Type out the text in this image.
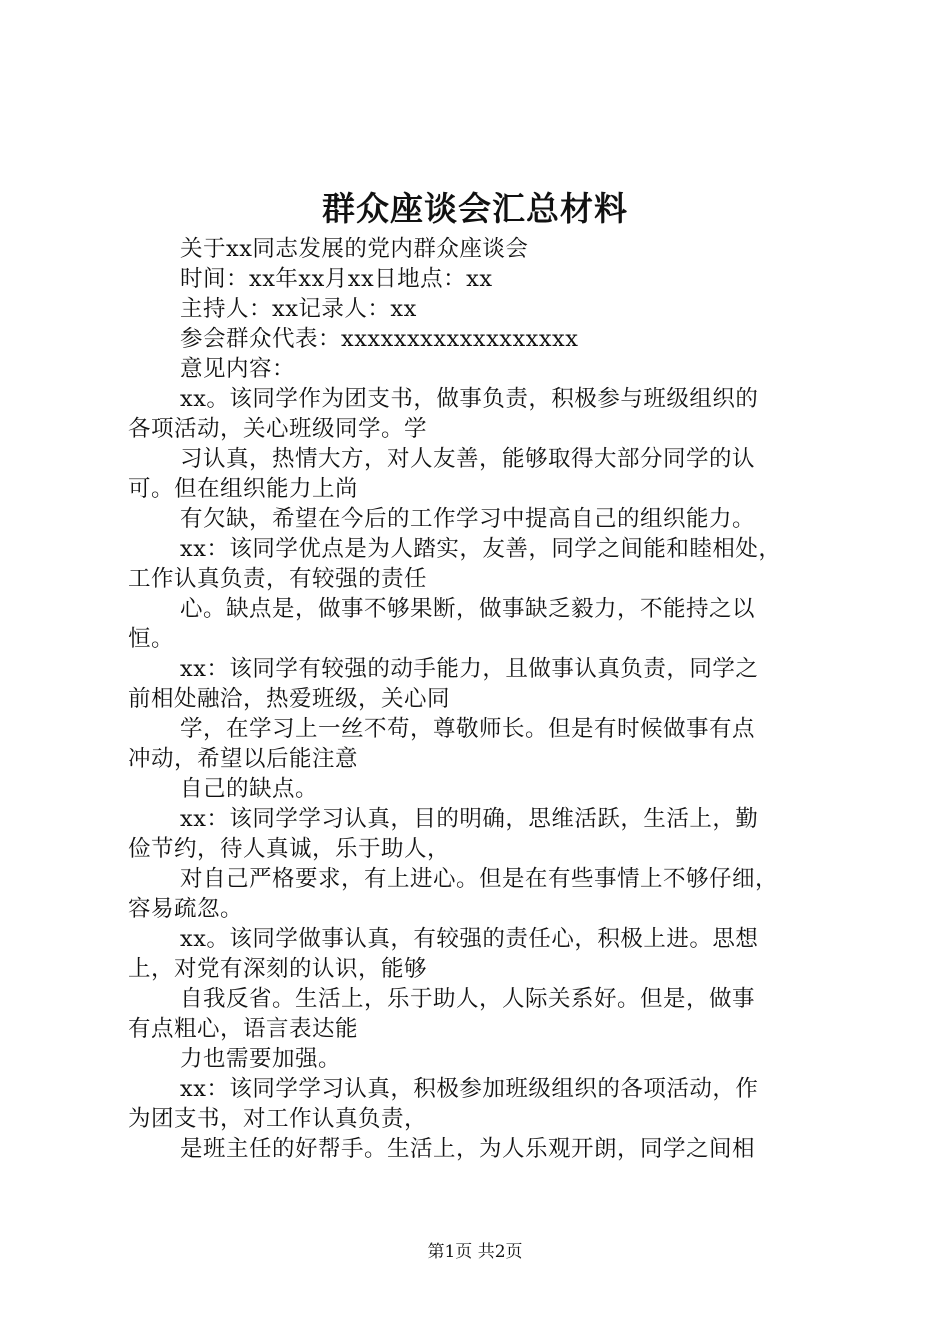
群众座谈会汇总材料
关于xx同志发展的党内群众座谈会
时间：xx年xx月xx日地点：xx
主持人：xx记录人：xx
参会群众代表：xxxxxxxxxxxxxxxxxx
意见内容：
xx。该同学作为团支书，做事负责，积极参与班级组织的
各项活动，关心班级同学。学
习认真，热情大方，对人友善，能够取得大部分同学的认
可。但在组织能力上尚
有欠缺，希望在今后的工作学习中提高自己的组织能力。
xx：该同学优点是为人踏实，友善，同学之间能和睦相处，
工作认真负责，有较强的责任
心。缺点是，做事不够果断，做事缺乏毅力，不能持之以
恒。
xx：该同学有较强的动手能力，且做事认真负责，同学之
前相处融洽，热爱班级，关心同
学，在学习上一丝不苟，尊敬师长。但是有时候做事有点
冲动，希望以后能注意
自己的缺点。
xx：该同学学习认真，目的明确，思维活跃，生活上，勤
俭节约，待人真诚，乐于助人，
对自己严格要求，有上进心。但是在有些事情上不够仔细，
容易疏忽。
xx。该同学做事认真，有较强的责任心，积极上进。思想
上，对党有深刻的认识，能够
自我反省。生活上，乐于助人，人际关系好。但是，做事
有点粗心，语言表达能
力也需要加强。
xx：该同学学习认真，积极参加班级组织的各项活动，作
为团支书，对工作认真负责，
是班主任的好帮手。生活上，为人乐观开朗，同学之间相
第1页 共2页
